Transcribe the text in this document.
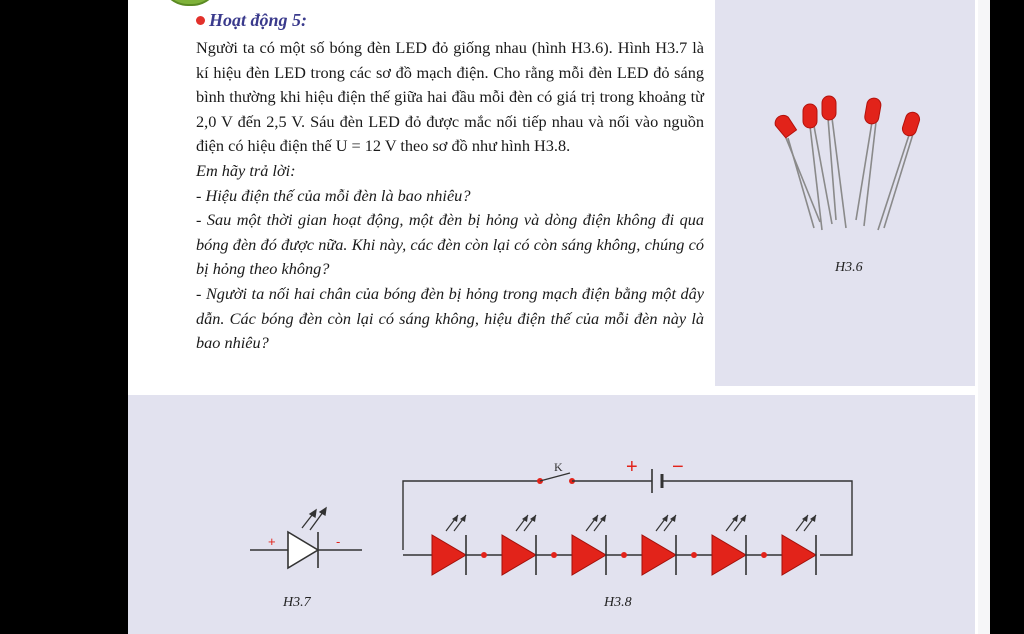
Hoạt động 5:

Người ta có một số bóng đèn LED đỏ giống nhau (hình H3.6). Hình H3.7 là kí hiệu đèn LED trong các sơ đồ mạch điện. Cho rằng mỗi đèn LED đỏ sáng bình thường khi hiệu điện thế giữa hai đầu mỗi đèn có giá trị trong khoảng từ 2,0 V đến 2,5 V. Sáu đèn LED đỏ được mắc nối tiếp nhau và nối vào nguồn điện có hiệu điện thế U = 12 V theo sơ đồ như hình H3.8.

Em hãy trả lời:

- Hiệu điện thế của mỗi đèn là bao nhiêu?

- Sau một thời gian hoạt động, một đèn bị hỏng và dòng điện không đi qua bóng đèn đó được nữa. Khi này, các đèn còn lại có còn sáng không, chúng có bị hỏng theo không?

- Người ta nối hai chân của bóng đèn bị hỏng trong mạch điện bằng một dây dẫn. Các bóng đèn còn lại có sáng không, hiệu điện thế của mỗi đèn này là bao nhiêu?

H3.6
+	-
H3.7
K	+ −
H3.8
